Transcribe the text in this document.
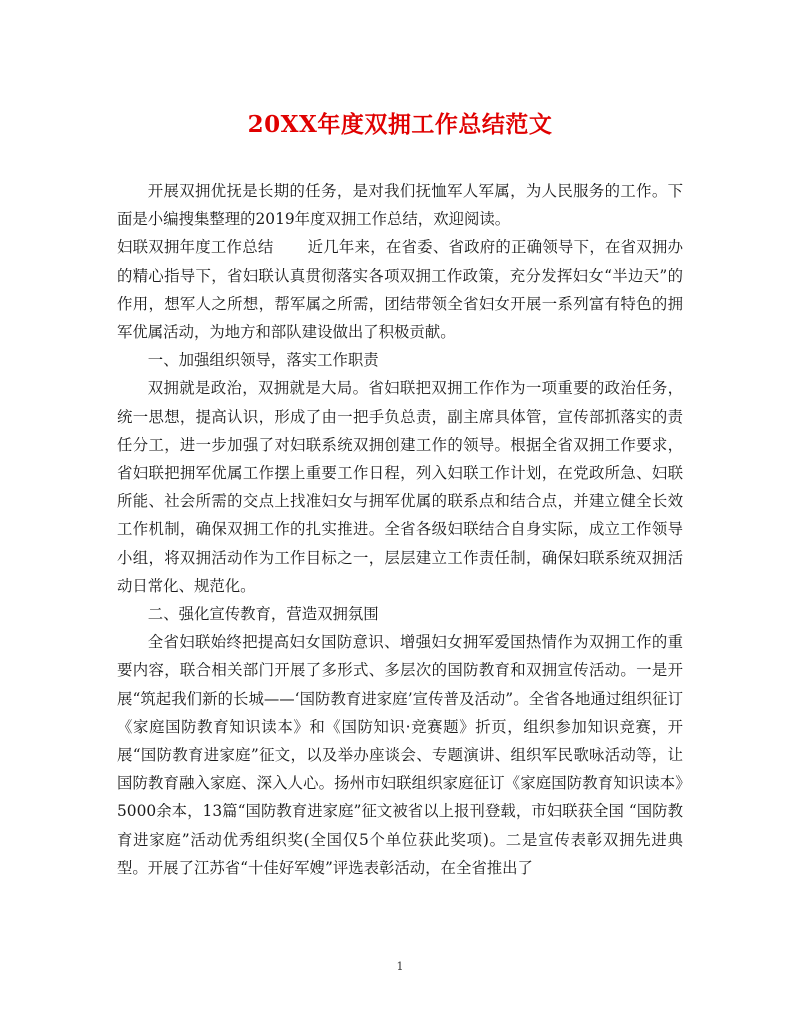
20XX年度双拥工作总结范文

开展双拥优抚是长期的任务，是对我们抚恤军人军属，为人民服务的工作。下面是小编搜集整理的2019年度双拥工作总结，欢迎阅读。

妇联双拥年度工作总结 近几年来，在省委、省政府的正确领导下，在省双拥办的精心指导下，省妇联认真贯彻落实各项双拥工作政策，充分发挥妇女“半边天”的作用，想军人之所想，帮军属之所需，团结带领全省妇女开展一系列富有特色的拥军优属活动，为地方和部队建设做出了积极贡献。

一、加强组织领导，落实工作职责

双拥就是政治，双拥就是大局。省妇联把双拥工作作为一项重要的政治任务，统一思想，提高认识，形成了由一把手负总责，副主席具体管，宣传部抓落实的责任分工，进一步加强了对妇联系统双拥创建工作的领导。根据全省双拥工作要求，省妇联把拥军优属工作摆上重要工作日程，列入妇联工作计划，在党政所急、妇联所能、社会所需的交点上找准妇女与拥军优属的联系点和结合点，并建立健全长效工作机制，确保双拥工作的扎实推进。全省各级妇联结合自身实际，成立工作领导小组，将双拥活动作为工作目标之一，层层建立工作责任制，确保妇联系统双拥活动日常化、规范化。

二、强化宣传教育，营造双拥氛围

全省妇联始终把提高妇女国防意识、增强妇女拥军爱国热情作为双拥工作的重要内容，联合相关部门开展了多形式、多层次的国防教育和双拥宣传活动。一是开展“筑起我们新的长城——‘国防教育进家庭’宣传普及活动”。全省各地通过组织征订《家庭国防教育知识读本》和《国防知识·竞赛题》折页，组织参加知识竞赛，开展“国防教育进家庭”征文，以及举办座谈会、专题演讲、组织军民歌咏活动等，让国防教育融入家庭、深入人心。扬州市妇联组织家庭征订《家庭国防教育知识读本》5000余本，13篇“国防教育进家庭”征文被省以上报刊登载，市妇联获全国 “国防教育进家庭”活动优秀组织奖(全国仅5个单位获此奖项)。二是宣传表彰双拥先进典型。开展了江苏省“十佳好军嫂”评选表彰活动，在全省推出了

1
